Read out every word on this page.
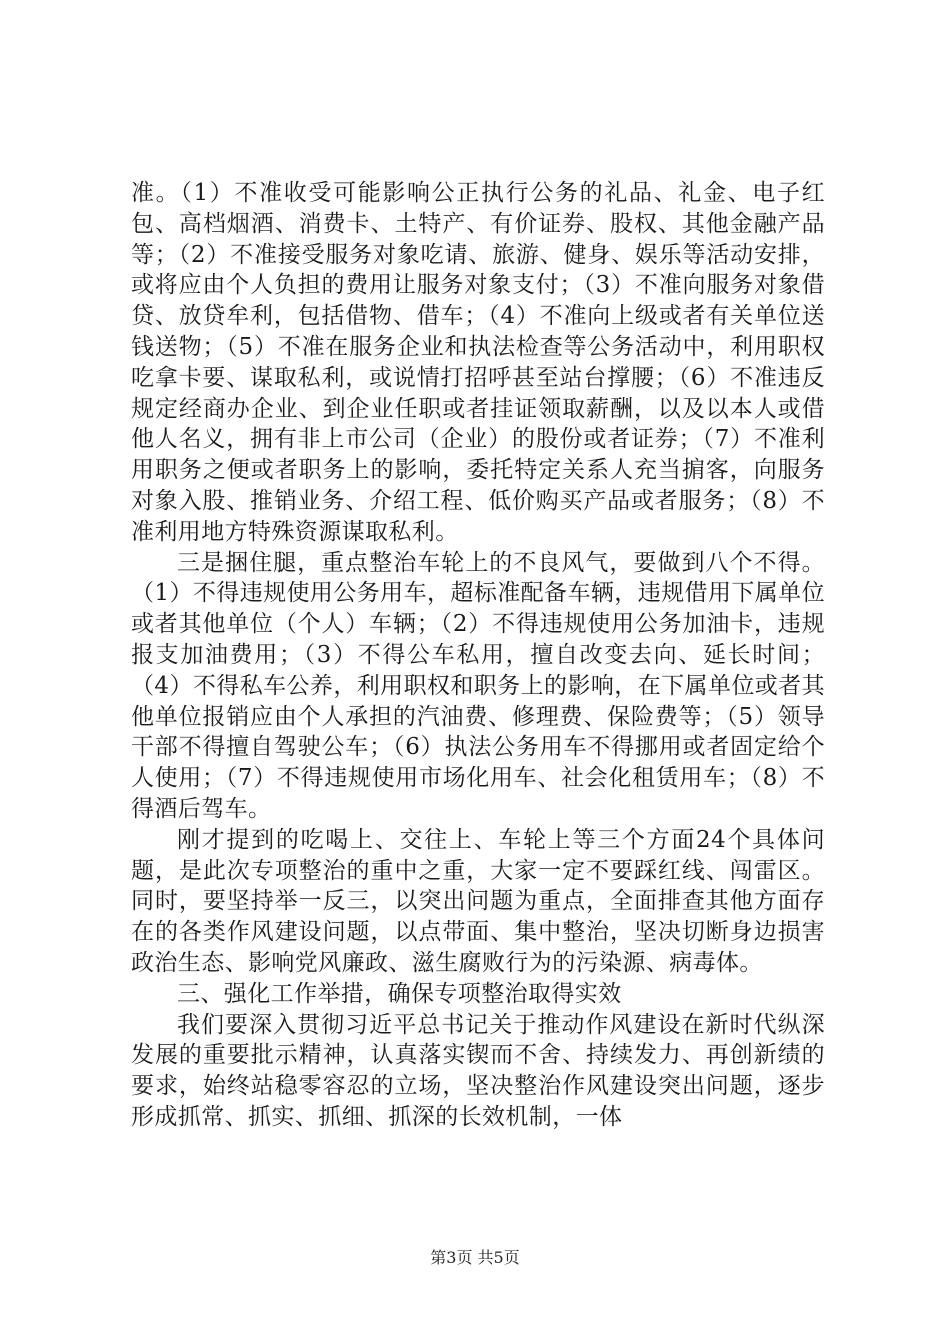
准。（1）不准收受可能影响公正执行公务的礼品、礼金、电子红包、高档烟酒、消费卡、土特产、有价证券、股权、其他金融产品等；（2）不准接受服务对象吃请、旅游、健身、娱乐等活动安排，或将应由个人负担的费用让服务对象支付；（3）不准向服务对象借贷、放贷牟利，包括借物、借车；（4）不准向上级或者有关单位送钱送物；（5）不准在服务企业和执法检查等公务活动中，利用职权吃拿卡要、谋取私利，或说情打招呼甚至站台撑腰；（6）不准违反规定经商办企业、到企业任职或者挂证领取薪酬，以及以本人或借他人名义，拥有非上市公司（企业）的股份或者证券；（7）不准利用职务之便或者职务上的影响，委托特定关系人充当掮客，向服务对象入股、推销业务、介绍工程、低价购买产品或者服务；（8）不准利用地方特殊资源谋取私利。

三是捆住腿，重点整治车轮上的不良风气，要做到八个不得。（1）不得违规使用公务用车，超标准配备车辆，违规借用下属单位或者其他单位（个人）车辆；（2）不得违规使用公务加油卡，违规报支加油费用；（3）不得公车私用，擅自改变去向、延长时间；（4）不得私车公养，利用职权和职务上的影响，在下属单位或者其他单位报销应由个人承担的汽油费、修理费、保险费等；（5）领导干部不得擅自驾驶公车；（6）执法公务用车不得挪用或者固定给个人使用；（7）不得违规使用市场化用车、社会化租赁用车；（8）不得酒后驾车。

刚才提到的吃喝上、交往上、车轮上等三个方面24个具体问题，是此次专项整治的重中之重，大家一定不要踩红线、闯雷区。同时，要坚持举一反三，以突出问题为重点，全面排查其他方面存在的各类作风建设问题，以点带面、集中整治，坚决切断身边损害政治生态、影响党风廉政、滋生腐败行为的污染源、病毒体。

三、强化工作举措，确保专项整治取得实效

我们要深入贯彻习近平总书记关于推动作风建设在新时代纵深发展的重要批示精神，认真落实锲而不舍、持续发力、再创新绩的要求，始终站稳零容忍的立场，坚决整治作风建设突出问题，逐步形成抓常、抓实、抓细、抓深的长效机制，一体

第3页 共5页
